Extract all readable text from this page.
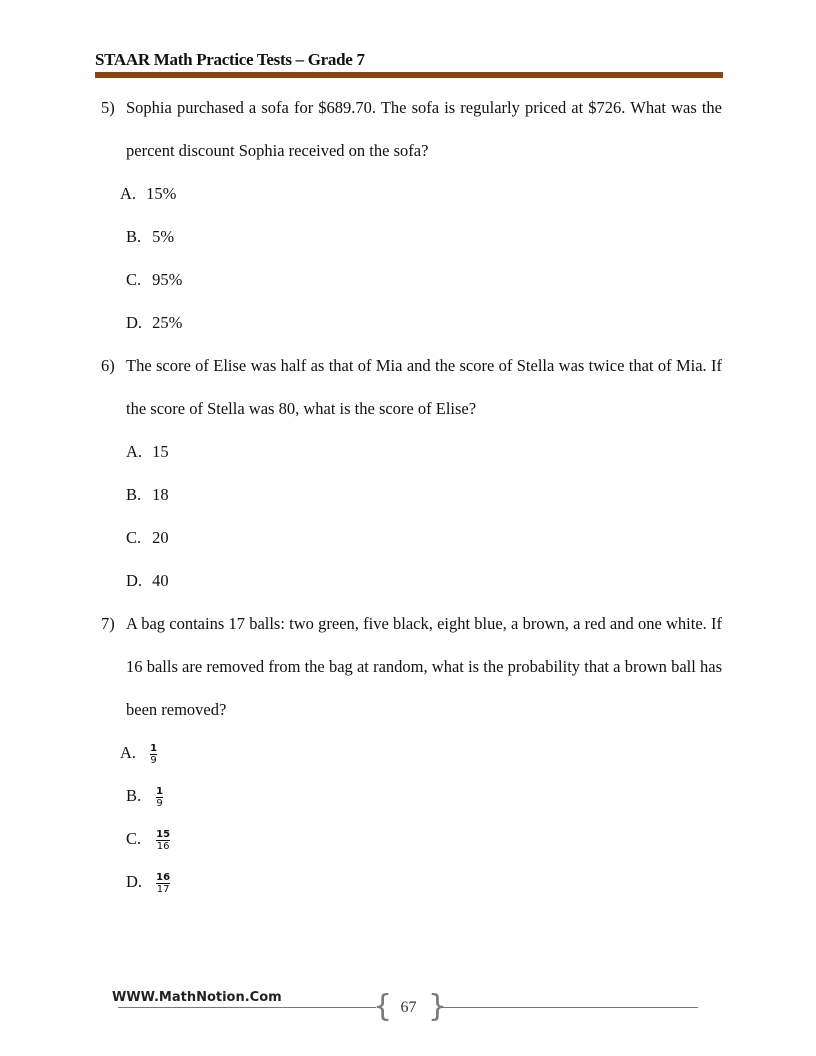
STAAR Math Practice Tests – Grade 7
5) Sophia purchased a sofa for $689.70. The sofa is regularly priced at $726. What was the percent discount Sophia received on the sofa?
A. 15%
B. 5%
C. 95%
D. 25%
6) The score of Elise was half as that of Mia and the score of Stella was twice that of Mia. If the score of Stella was 80, what is the score of Elise?
A. 15
B. 18
C. 20
D. 40
7) A bag contains 17 balls: two green, five black, eight blue, a brown, a red and one white. If 16 balls are removed from the bag at random, what is the probability that a brown ball has been removed?
A. $\frac{1}{9}$
B. $\frac{1}{9}$
C. $\frac{15}{16}$
D. $\frac{16}{17}$
WWW.MathNotion.Com	{ 67 }
